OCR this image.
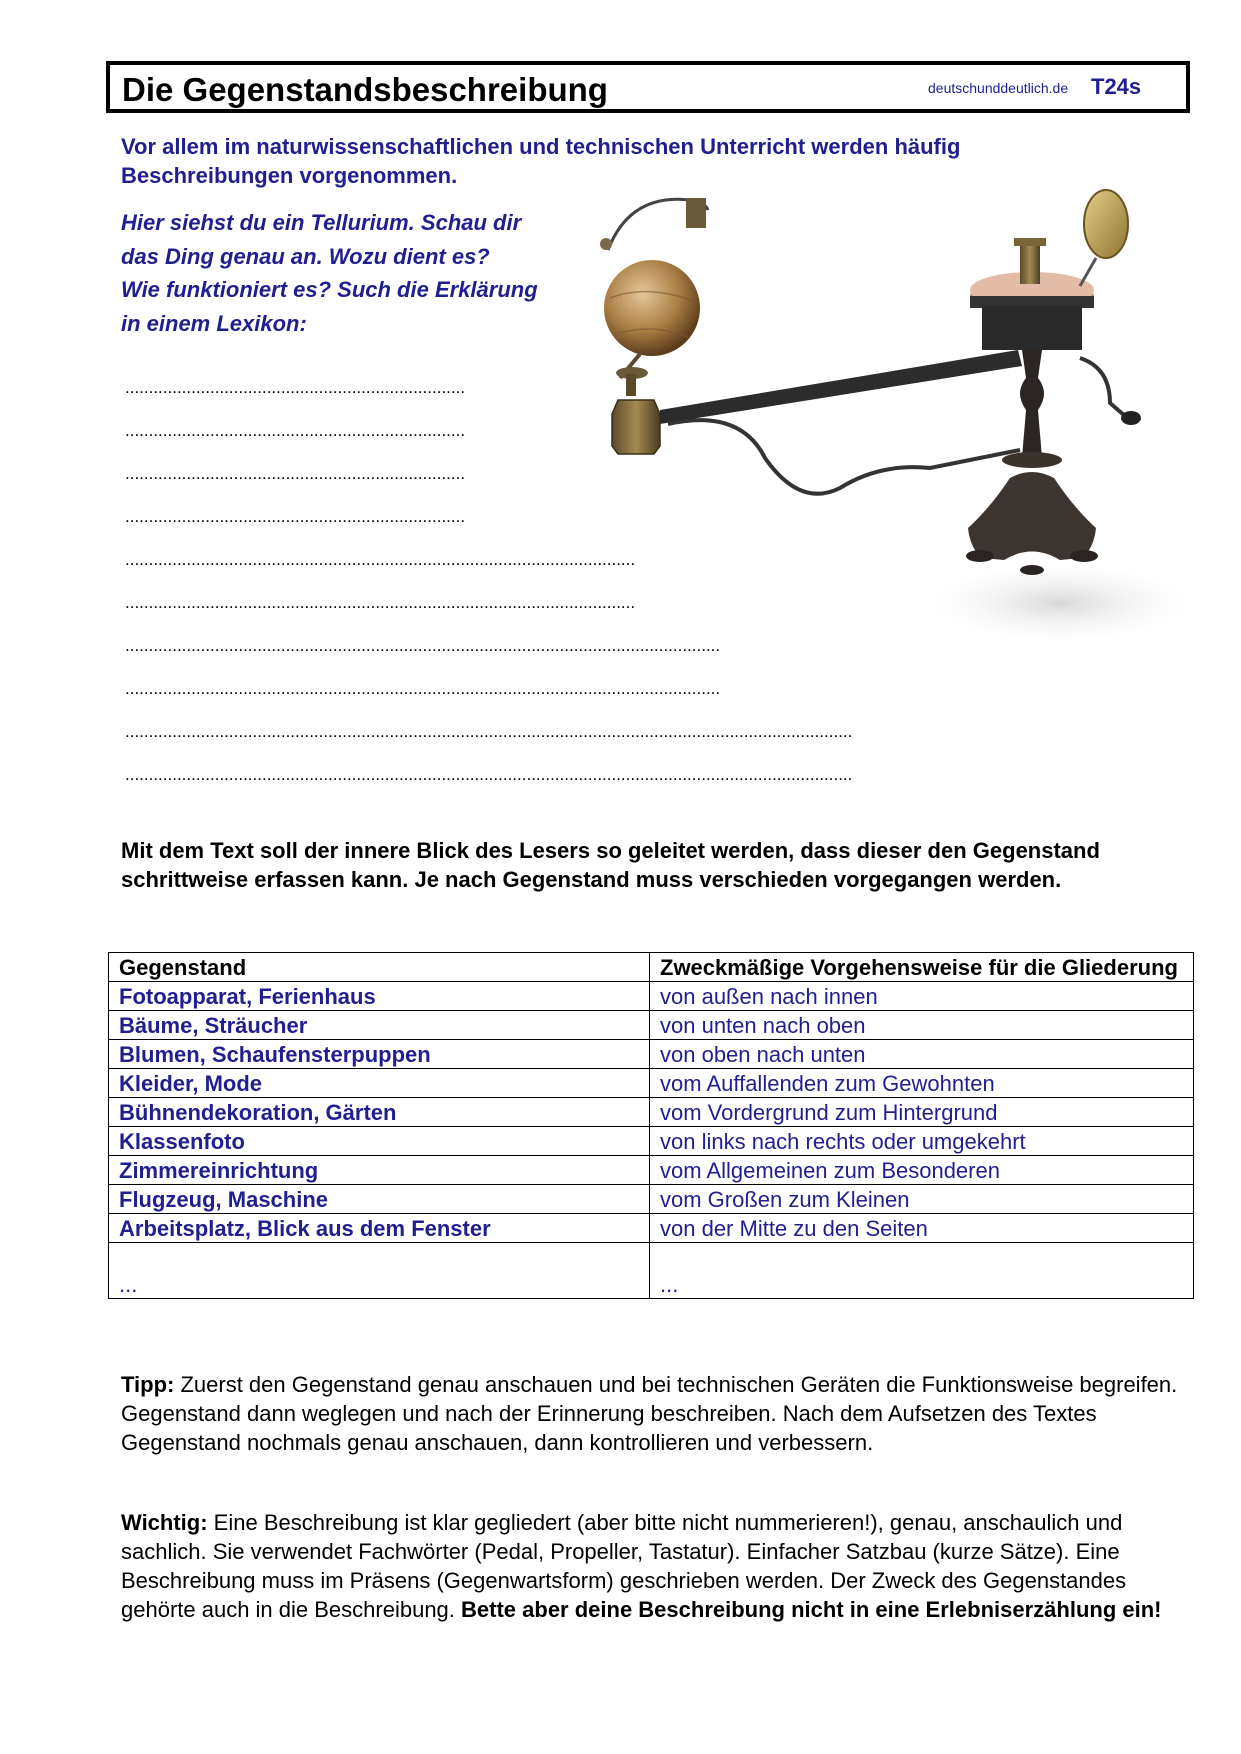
Die Gegenstandsbeschreibung	deutschunddeutlich.de T24s
Vor allem im naturwissenschaftlichen und technischen Unterricht werden häufig Beschreibungen vorgenommen.
Hier siehst du ein Tellurium. Schau dir
das Ding genau an. Wozu dient es?
Wie funktioniert es? Such die Erklärung
in einem Lexikon:
........................................................................
........................................................................
........................................................................
........................................................................
............................................................................................................
............................................................................................................
..............................................................................................................................
..............................................................................................................................
..........................................................................................................................................................
..........................................................................................................................................................
Mit dem Text soll der innere Blick des Lesers so geleitet werden, dass dieser den Gegenstand schrittweise erfassen kann. Je nach Gegenstand muss verschieden vorgegangen werden.
Gegenstand	Zweckmäßige Vorgehensweise für die Gliederung
Fotoapparat, Ferienhaus	von außen nach innen
Bäume, Sträucher	von unten nach oben
Blumen, Schaufensterpuppen	von oben nach unten
Kleider, Mode	vom Auffallenden zum Gewohnten
Bühnendekoration, Gärten	vom Vordergrund zum Hintergrund
Klassenfoto	von links nach rechts oder umgekehrt
Zimmereinrichtung	vom Allgemeinen zum Besonderen
Flugzeug, Maschine	vom Großen zum Kleinen
Arbeitsplatz, Blick aus dem Fenster	von der Mitte zu den Seiten
...	...
Tipp: Zuerst den Gegenstand genau anschauen und bei technischen Geräten die Funktionsweise begreifen. Gegenstand dann weglegen und nach der Erinnerung beschreiben. Nach dem Aufsetzen des Textes Gegenstand nochmals genau anschauen, dann kontrollieren und verbessern.
Wichtig: Eine Beschreibung ist klar gegliedert (aber bitte nicht nummerieren!), genau, anschaulich und sachlich. Sie verwendet Fachwörter (Pedal, Propeller, Tastatur). Einfacher Satzbau (kurze Sätze). Eine Beschreibung muss im Präsens (Gegenwartsform) geschrieben werden. Der Zweck des Gegenstandes gehörte auch in die Beschreibung. Bette aber deine Beschreibung nicht in eine Erlebniserzählung ein!
